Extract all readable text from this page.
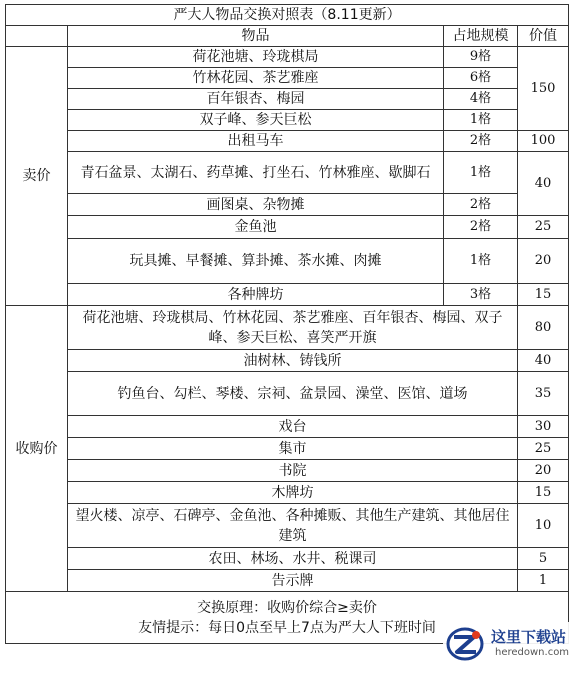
严大人物品交换对照表（8.11更新）			
	物品	占地规模	价值
卖价	荷花池塘、玲珑棋局	9格	150
	竹林花园、茶艺雅座	6格	
	百年银杏、梅园	4格	
	双子峰、参天巨松	1格	
	出租马车	2格	100
	青石盆景、太湖石、药草摊、打坐石、竹林雅座、歇脚石	1格	40
	画图桌、杂物摊	2格	
	金鱼池	2格	25
	玩具摊、早餐摊、算卦摊、茶水摊、肉摊	1格	20
	各种牌坊	3格	15
收购价	荷花池塘、玲珑棋局、竹林花园、茶艺雅座、百年银杏、梅园、双子峰、参天巨松、喜笑严开旗		80
	油树林、铸钱所		40
	钓鱼台、勾栏、琴楼、宗祠、盆景园、澡堂、医馆、道场		35
	戏台		30
	集市		25
	书院		20
	木牌坊		15
	望火楼、凉亭、石碑亭、金鱼池、各种摊贩、其他生产建筑、其他居住建筑		10
	农田、林场、水井、税课司		5
	告示牌		1

交换原理：收购价综合≥卖价
友情提示：每日0点至早上7点为严大人下班时间			
这里下载站
heredown.com
